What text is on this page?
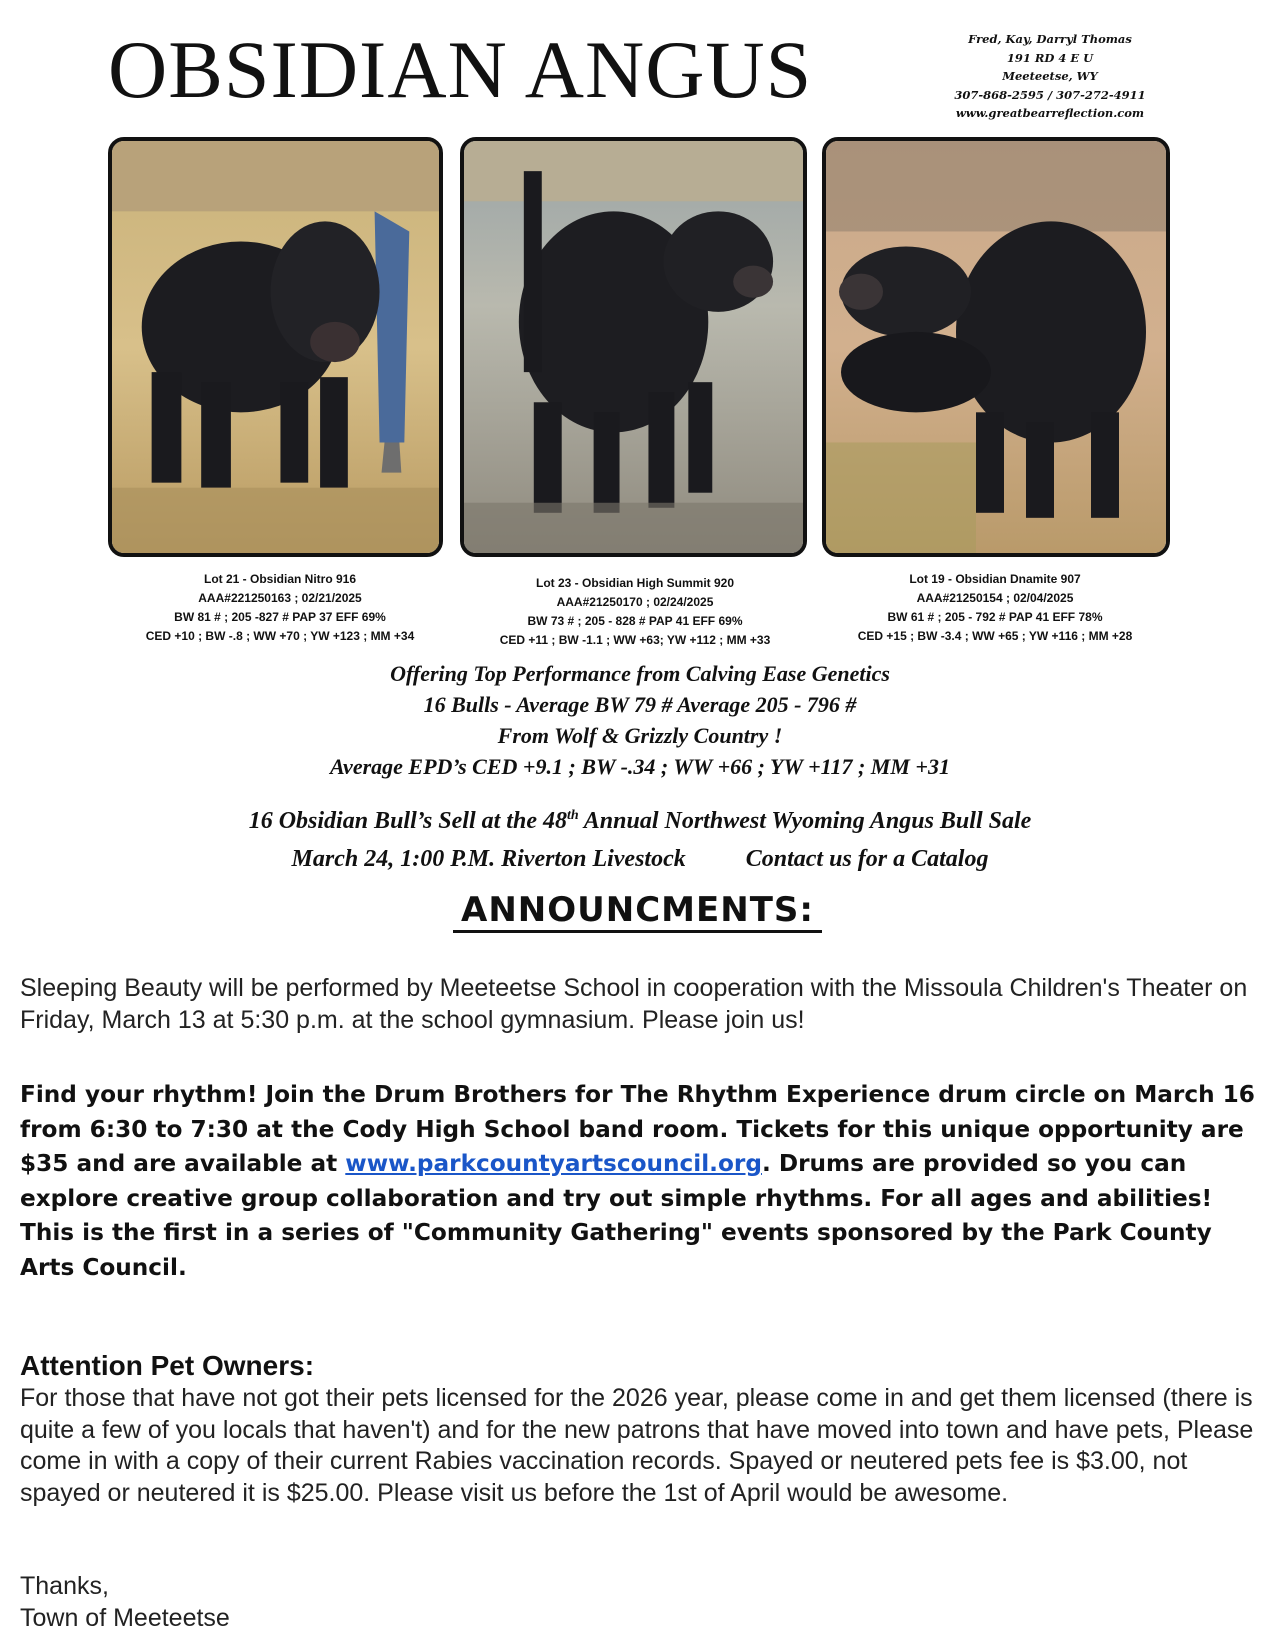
OBSIDIAN ANGUS	Fred, Kay, Darryl Thomas
191 RD 4 E U
Meeteetse, WY
307-868-2595 / 307-272-4911
www.greatbearreflection.com
Lot 21 - Obsidian Nitro 916
AAA#221250163 ; 02/21/2025
BW 81 # ; 205 -827 # PAP 37 EFF 69%
CED +10 ; BW -.8 ; WW +70 ; YW +123 ; MM +34
Lot 23 - Obsidian High Summit 920
AAA#21250170 ; 02/24/2025
BW 73 # ; 205 - 828 # PAP 41 EFF 69%
CED +11 ; BW -1.1 ; WW +63; YW +112 ; MM +33
Lot 19 - Obsidian Dnamite 907
AAA#21250154 ; 02/04/2025
BW 61 # ; 205 - 792 # PAP 41 EFF 78%
CED +15 ; BW -3.4 ; WW +65 ; YW +116 ; MM +28
Offering Top Performance from Calving Ease Genetics
16 Bulls - Average BW 79 # Average 205 - 796 #
From Wolf & Grizzly Country !
Average EPD’s CED +9.1 ; BW -.34 ; WW +66 ; YW +117 ; MM +31
16 Obsidian Bull’s Sell at the 48th Annual Northwest Wyoming Angus Bull Sale
March 24, 1:00 P.M. Riverton Livestock	Contact us for a Catalog
ANNOUNCMENTS:
Sleeping Beauty will be performed by Meeteetse School in cooperation with the Missoula Children's Theater on Friday, March 13 at 5:30 p.m. at the school gymnasium. Please join us!
Find your rhythm! Join the Drum Brothers for The Rhythm Experience drum circle on March 16 from 6:30 to 7:30 at the Cody High School band room. Tickets for this unique opportunity are $35 and are available at www.parkcountyartscouncil.org. Drums are provided so you can explore creative group collaboration and try out simple rhythms. For all ages and abilities! This is the first in a series of "Community Gathering" events sponsored by the Park County Arts Council.
Attention Pet Owners:
For those that have not got their pets licensed for the 2026 year, please come in and get them licensed (there is quite a few of you locals that haven't) and for the new patrons that have moved into town and have pets, Please come in with a copy of their current Rabies vaccination records. Spayed or neutered pets fee is $3.00, not spayed or neutered it is $25.00. Please visit us before the 1st of April would be awesome.
Thanks,
Town of Meeteetse
